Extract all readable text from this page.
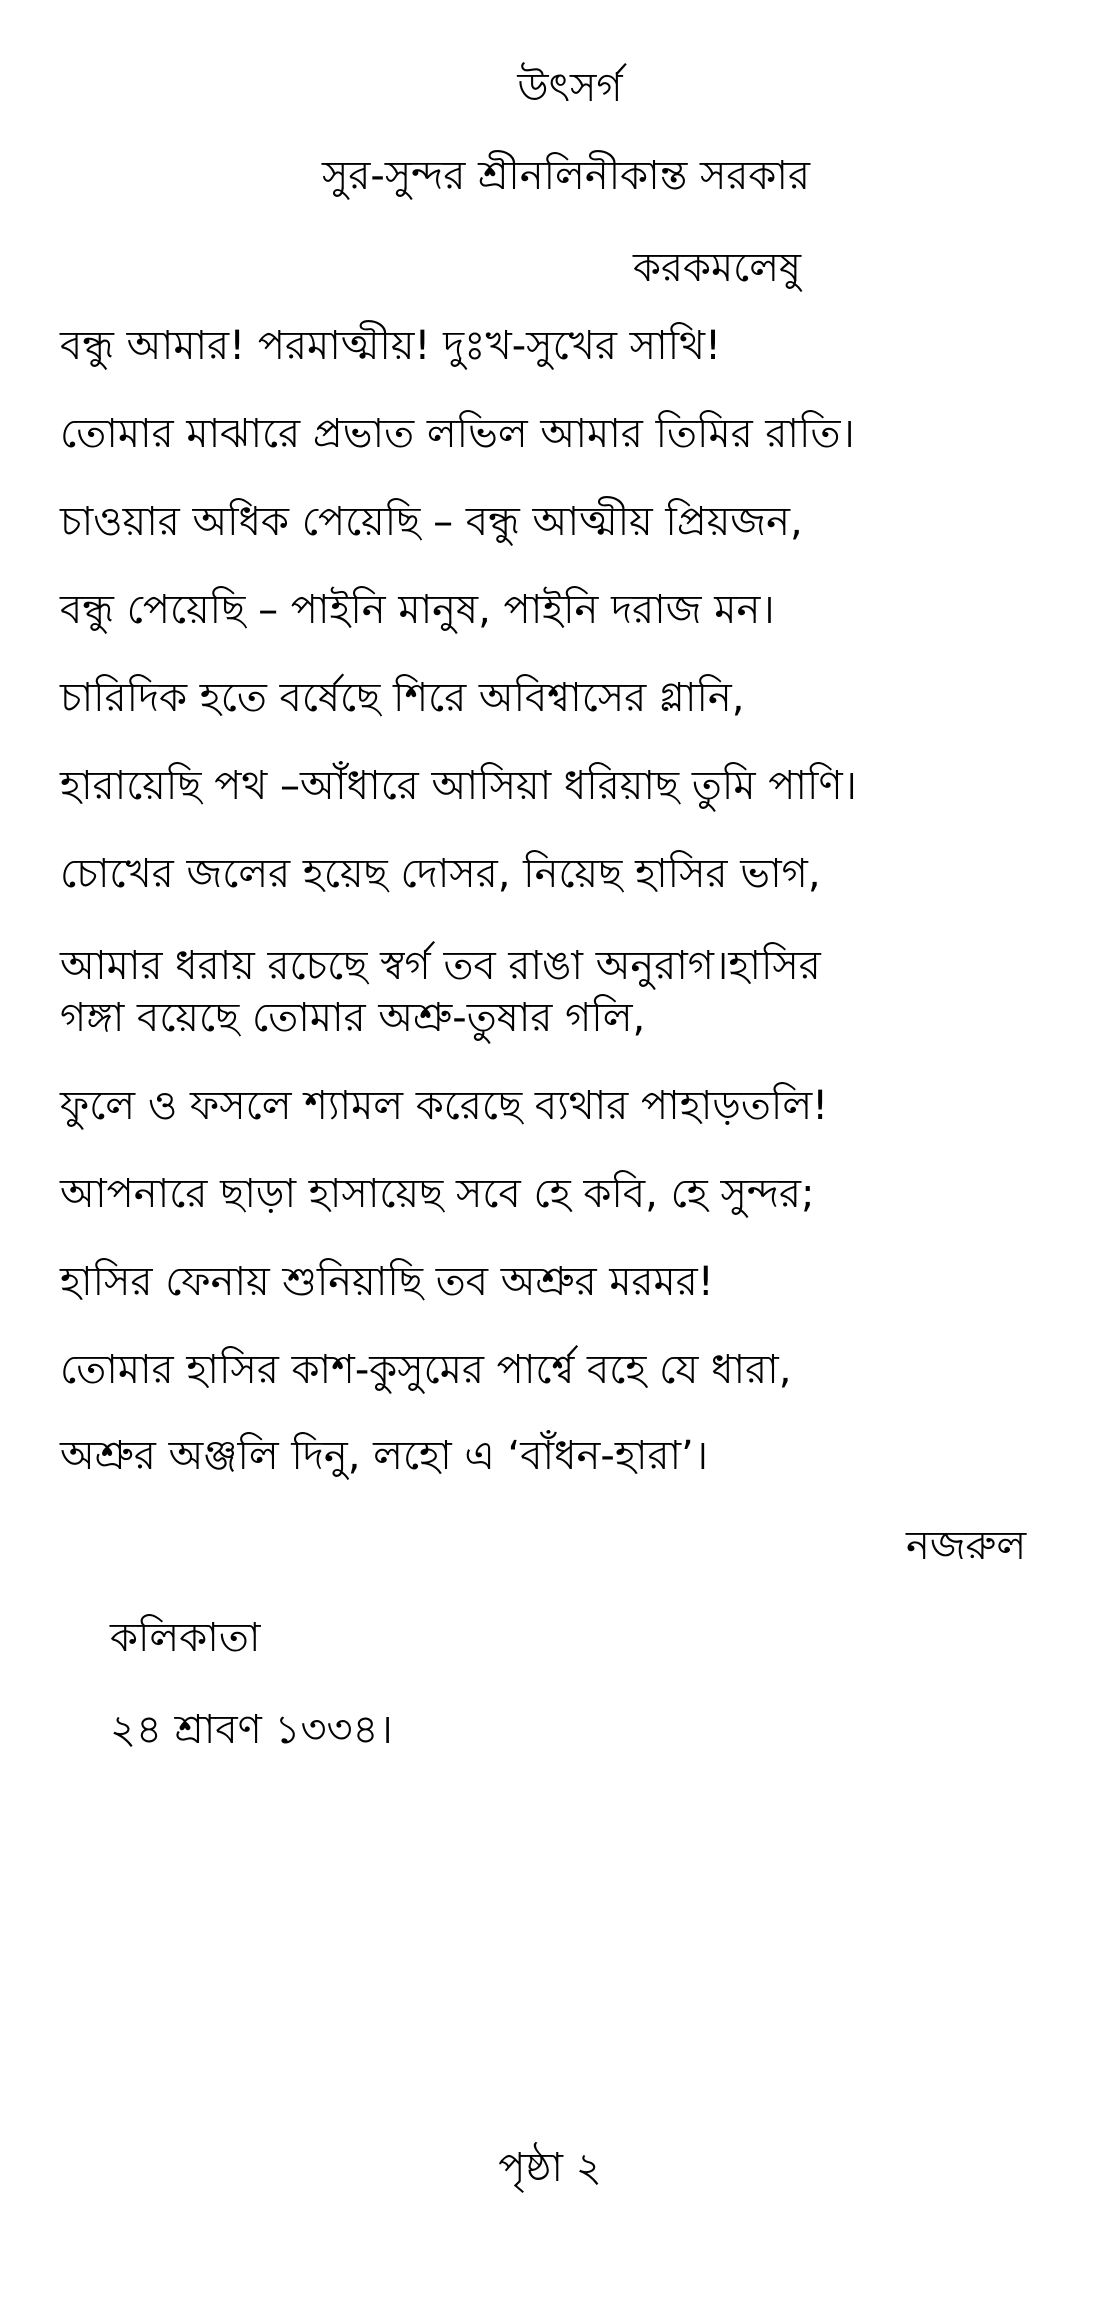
উৎসর্গ
সুর-সুন্দর শ্রীনলিনীকান্ত সরকার
করকমলেষু
বন্ধু আমার! পরমাত্মীয়! দুঃখ-সুখের সাথি!
তোমার মাঝারে প্রভাত লভিল আমার তিমির রাতি।
চাওয়ার অধিক পেয়েছি – বন্ধু আত্মীয় প্রিয়জন,
বন্ধু পেয়েছি – পাইনি মানুষ, পাইনি দরাজ মন।
চারিদিক হতে বর্ষেছে শিরে অবিশ্বাসের গ্লানি,
হারায়েছি পথ –আঁধারে আসিয়া ধরিয়াছ তুমি পাণি।
চোখের জলের হয়েছ দোসর, নিয়েছ হাসির ভাগ,
আমার ধরায় রচেছে স্বর্গ তব রাঙা অনুরাগ।হাসির
গঙ্গা বয়েছে তোমার অশ্রু-তুষার গলি,
ফুলে ও ফসলে শ্যামল করেছে ব্যথার পাহাড়তলি!
আপনারে ছাড়া হাসায়েছ সবে হে কবি, হে সুন্দর;
হাসির ফেনায় শুনিয়াছি তব অশ্রুর মরমর!
তোমার হাসির কাশ-কুসুমের পার্শ্বে বহে যে ধারা,
অশ্রুর অঞ্জলি দিনু, লহো এ ‘বাঁধন-হারা’।
নজরুল
কলিকাতা
২৪ শ্রাবণ ১৩৩৪।
পৃষ্ঠা ২
